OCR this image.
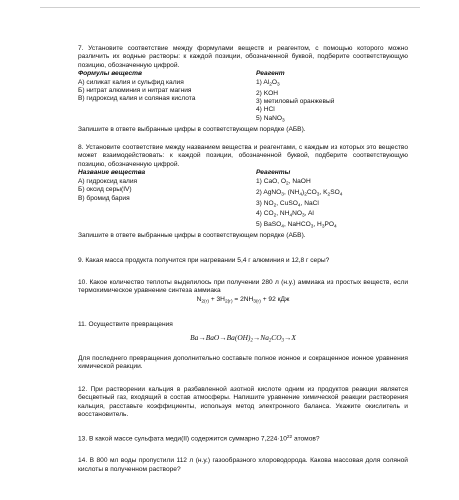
7. Установите соответствие между формулами веществ и реагентом, с помощью которого можно различить их водные растворы: к каждой позиции, обозначенной буквой, подберите соответствующую позицию, обозначенную цифрой.

Формулы веществ

А) силикат калия и сульфид калия

Б) нитрат алюминия и нитрат магния

В) гидроксид калия и соляная кислота

Реагент

1) $Al_2O_3$

2) KOH

3) метиловый оранжевый

4) HCl

5) NaNO$_3$

Запишите в ответе выбранные цифры в соответствующем порядке (АБВ).

8. Установите соответствие между названием вещества и реагентами, с каждым из которых это вещество может взаимодействовать: к каждой позиции, обозначенной буквой, подберите соответствующую позицию, обозначенную цифрой.

Название вещества

А) гидроксид калия

Б) оксид серы(IV)

В) бромид бария

Реагенты

1) CaO, $O_2$, NaOH

2) AgNO$_3$, $(NH_4)_2CO_3$, $K_2SO_4$

3) $NO_2$, CuSO$_4$, NaCl

4) $CO_2$, $NH_4NO_3$, Al

5) BaSO$_4$, NaHCO$_3$, $H_3PO_4$

Запишите в ответе выбранные цифры в соответствующем порядке (АБВ).

9. Какая масса продукта получится при нагревании 5,4 г алюминия и 12,8 г серы?

10. Какое количество теплоты выделилось при получении 280 л (н.у.) аммиака из простых веществ, если термохимическое уравнение синтеза аммиака

$N_{2(г)} + 3H_{2(г)} = 2NH_{3(г)} + 92$ кДж

11. Осуществите превращения

$Ba\to BaO\to Ba(OH)_2\to Na_2CO_3\to X$

Для последнего превращения дополнительно составьте полное ионное и сокращенное ионное уравнения химической реакции.

12. При растворении кальция в разбавленной азотной кислоте одним из продуктов реакции является бесцветный газ, входящий в состав атмосферы. Напишите уравнение химической реакции растворения кальция, расставьте коэффициенты, используя метод электронного баланса. Укажите окислитель и восстановитель.

13. В какой массе сульфата меди(II) содержится суммарно $7,224\cdot 10^{22}$ атомов?

14. В 800 мл воды пропустили 112 л (н.у.) газообразного хлороводорода. Какова массовая доля соляной кислоты в полученном растворе?
